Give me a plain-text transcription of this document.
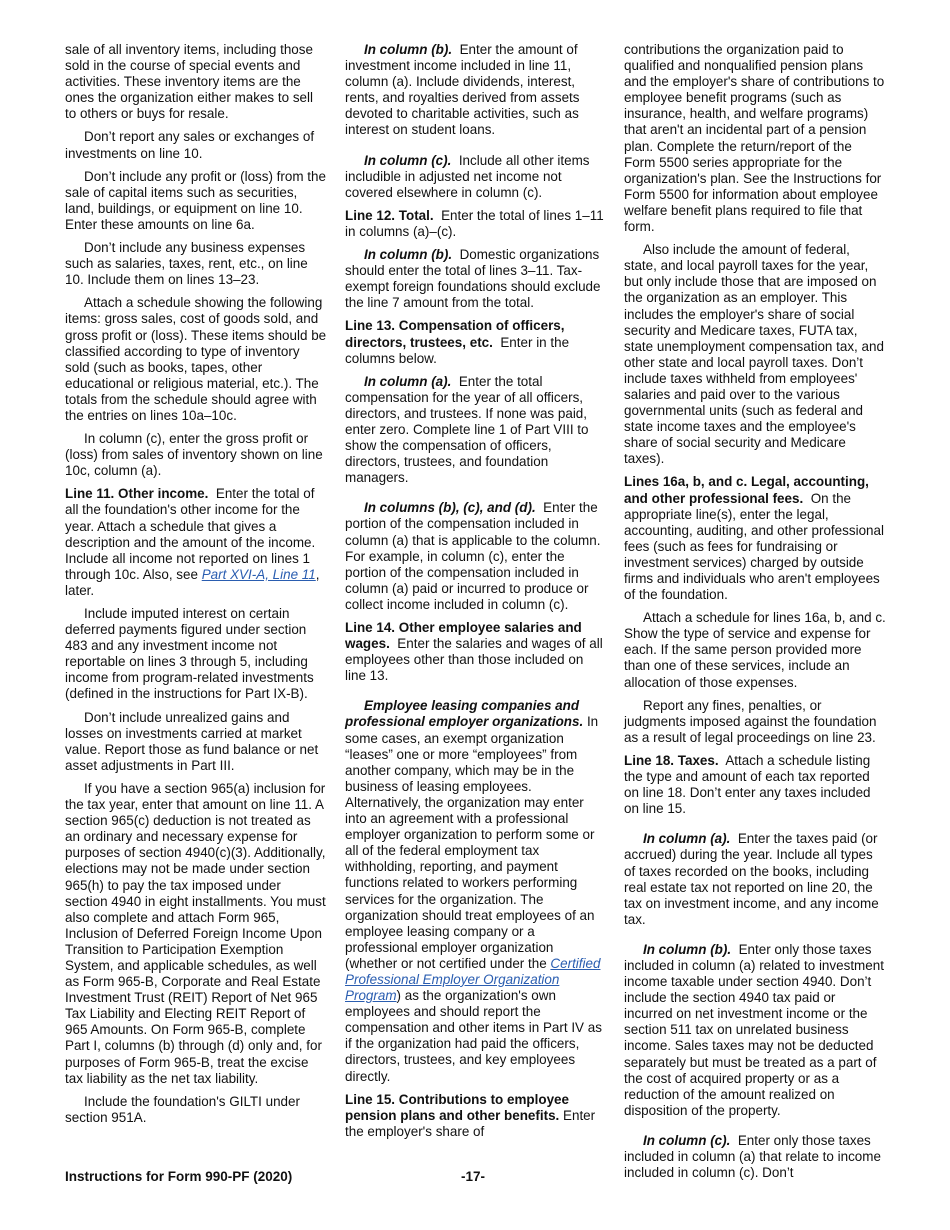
sale of all inventory items, including those sold in the course of special events and activities. These inventory items are the ones the organization either makes to sell to others or buys for resale.

Don’t report any sales or exchanges of investments on line 10.

Don’t include any profit or (loss) from the sale of capital items such as securities, land, buildings, or equipment on line 10. Enter these amounts on line 6a.

Don’t include any business expenses such as salaries, taxes, rent, etc., on line 10. Include them on lines 13–23.

Attach a schedule showing the following items: gross sales, cost of goods sold, and gross profit or (loss). These items should be classified according to type of inventory sold (such as books, tapes, other educational or religious material, etc.). The totals from the schedule should agree with the entries on lines 10a–10c.

In column (c), enter the gross profit or (loss) from sales of inventory shown on line 10c, column (a).

Line 11. Other income. Enter the total of all the foundation's other income for the year. Attach a schedule that gives a description and the amount of the income. Include all income not reported on lines 1 through 10c. Also, see Part XVI-A, Line 11, later.

Include imputed interest on certain deferred payments figured under section 483 and any investment income not reportable on lines 3 through 5, including income from program-related investments (defined in the instructions for Part IX-B).

Don’t include unrealized gains and losses on investments carried at market value. Report those as fund balance or net asset adjustments in Part III.

If you have a section 965(a) inclusion for the tax year, enter that amount on line 11. A section 965(c) deduction is not treated as an ordinary and necessary expense for purposes of section 4940(c)(3). Additionally, elections may not be made under section 965(h) to pay the tax imposed under section 4940 in eight installments. You must also complete and attach Form 965, Inclusion of Deferred Foreign Income Upon Transition to Participation Exemption System, and applicable schedules, as well as Form 965-B, Corporate and Real Estate Investment Trust (REIT) Report of Net 965 Tax Liability and Electing REIT Report of 965 Amounts. On Form 965-B, complete Part I, columns (b) through (d) only and, for purposes of Form 965-B, treat the excise tax liability as the net tax liability.

Include the foundation's GILTI under section 951A.

In column (b). Enter the amount of investment income included in line 11, column (a). Include dividends, interest, rents, and royalties derived from assets devoted to charitable activities, such as interest on student loans.

In column (c). Include all other items includible in adjusted net income not covered elsewhere in column (c).

Line 12. Total. Enter the total of lines 1–11 in columns (a)–(c).

In column (b). Domestic organizations should enter the total of lines 3–11. Tax-exempt foreign foundations should exclude the line 7 amount from the total.

Line 13. Compensation of officers, directors, trustees, etc. Enter in the columns below.

In column (a). Enter the total compensation for the year of all officers, directors, and trustees. If none was paid, enter zero. Complete line 1 of Part VIII to show the compensation of officers, directors, trustees, and foundation managers.

In columns (b), (c), and (d). Enter the portion of the compensation included in column (a) that is applicable to the column. For example, in column (c), enter the portion of the compensation included in column (a) paid or incurred to produce or collect income included in column (c).

Line 14. Other employee salaries and wages. Enter the salaries and wages of all employees other than those included on line 13.

Employee leasing companies and professional employer organizations. In some cases, an exempt organization “leases” one or more “employees” from another company, which may be in the business of leasing employees. Alternatively, the organization may enter into an agreement with a professional employer organization to perform some or all of the federal employment tax withholding, reporting, and payment functions related to workers performing services for the organization. The organization should treat employees of an employee leasing company or a professional employer organization (whether or not certified under the Certified Professional Employer Organization Program) as the organization's own employees and should report the compensation and other items in Part IV as if the organization had paid the officers, directors, trustees, and key employees directly.

Line 15. Contributions to employee pension plans and other benefits. Enter the employer's share of

contributions the organization paid to qualified and nonqualified pension plans and the employer's share of contributions to employee benefit programs (such as insurance, health, and welfare programs) that aren't an incidental part of a pension plan. Complete the return/report of the Form 5500 series appropriate for the organization's plan. See the Instructions for Form 5500 for information about employee welfare benefit plans required to file that form.

Also include the amount of federal, state, and local payroll taxes for the year, but only include those that are imposed on the organization as an employer. This includes the employer's share of social security and Medicare taxes, FUTA tax, state unemployment compensation tax, and other state and local payroll taxes. Don’t include taxes withheld from employees' salaries and paid over to the various governmental units (such as federal and state income taxes and the employee's share of social security and Medicare taxes).

Lines 16a, b, and c. Legal, accounting, and other professional fees. On the appropriate line(s), enter the legal, accounting, auditing, and other professional fees (such as fees for fundraising or investment services) charged by outside firms and individuals who aren't employees of the foundation.

Attach a schedule for lines 16a, b, and c. Show the type of service and expense for each. If the same person provided more than one of these services, include an allocation of those expenses.

Report any fines, penalties, or judgments imposed against the foundation as a result of legal proceedings on line 23.

Line 18. Taxes. Attach a schedule listing the type and amount of each tax reported on line 18. Don’t enter any taxes included on line 15.

In column (a). Enter the taxes paid (or accrued) during the year. Include all types of taxes recorded on the books, including real estate tax not reported on line 20, the tax on investment income, and any income tax.

In column (b). Enter only those taxes included in column (a) related to investment income taxable under section 4940. Don’t include the section 4940 tax paid or incurred on net investment income or the section 511 tax on unrelated business income. Sales taxes may not be deducted separately but must be treated as a part of the cost of acquired property or as a reduction of the amount realized on disposition of the property.

In column (c). Enter only those taxes included in column (a) that relate to income included in column (c). Don’t

Instructions for Form 990-PF (2020)	-17-
